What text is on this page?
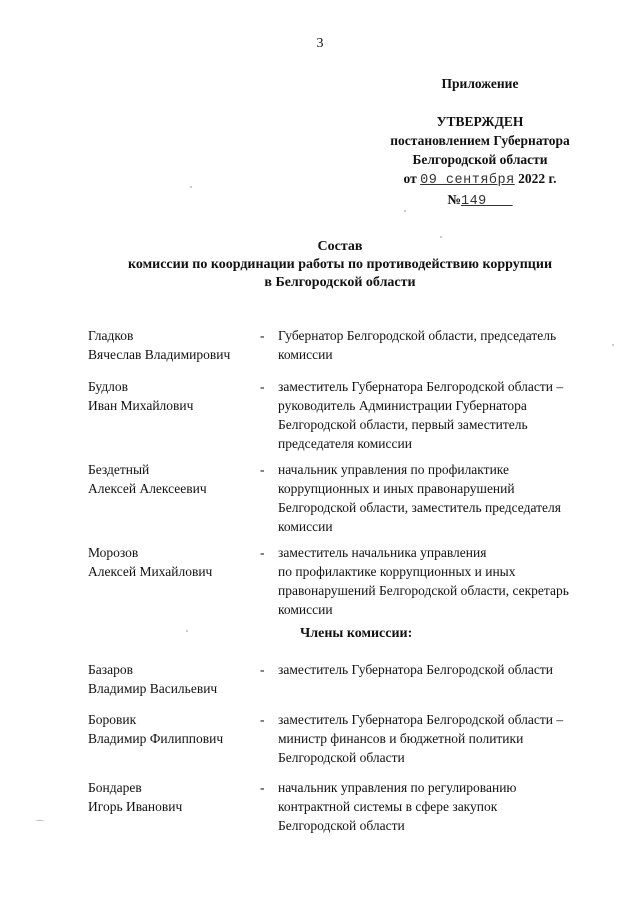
3
Приложение
УТВЕРЖДЕН
постановлением Губернатора
Белгородской области
от 09 сентября 2022 г.
№149
Состав
комиссии по координации работы по противодействию коррупции
в Белгородской области
Гладков
Вячеслав Владимирович
-	Губернатор Белгородской области, председатель
комиссии
Будлов
Иван Михайлович
-	заместитель Губернатора Белгородской области –
руководитель Администрации Губернатора
Белгородской области, первый заместитель
председателя комиссии
Бездетный
Алексей Алексеевич
-	начальник управления по профилактике
коррупционных и иных правонарушений
Белгородской области, заместитель председателя
комиссии
Морозов
Алексей Михайлович
-	заместитель начальника управления
по профилактике коррупционных и иных
правонарушений Белгородской области, секретарь
комиссии
Члены комиссии:
Базаров
Владимир Васильевич
-	заместитель Губернатора Белгородской области
Боровик
Владимир Филиппович
-	заместитель Губернатора Белгородской области –
министр финансов и бюджетной политики
Белгородской области
Бондарев
Игорь Иванович
-	начальник управления по регулированию
контрактной системы в сфере закупок
Белгородской области
